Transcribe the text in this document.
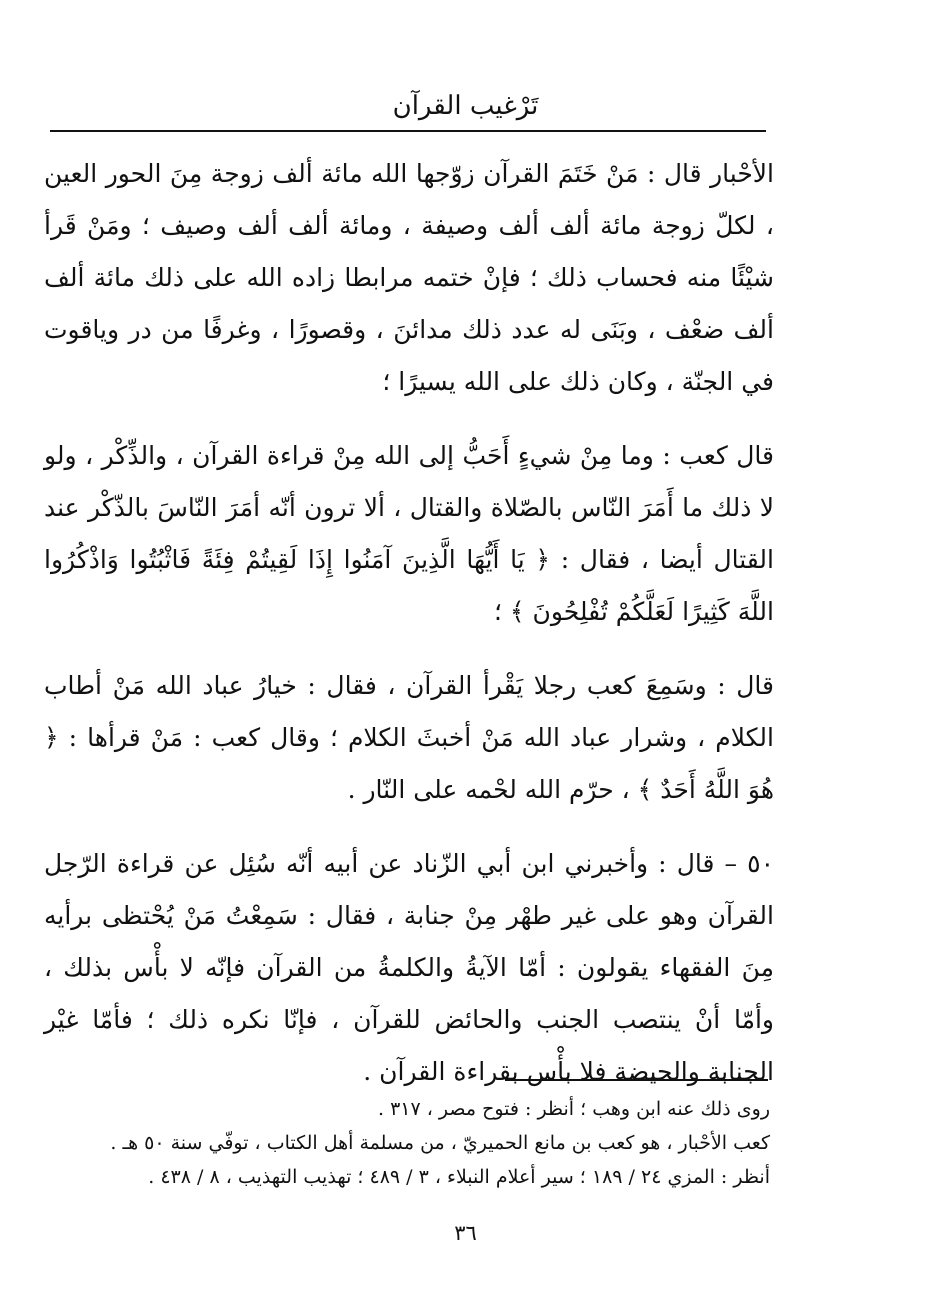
تَرْغيب القرآن

الأحْبار قال : مَنْ خَتَمَ القرآن زوّجها الله مائة ألف زوجة مِنَ الحور العين ، لكلّ زوجة مائة ألف ألف وصيفة ، ومائة ألف ألف وصيف ؛ ومَنْ قَرأ شيْئًا منه فحساب ذلك ؛ فإنْ ختمه مرابطا زاده الله على ذلك مائة ألف ألف ضعْف ، وبَنَى له عدد ذلك مدائنَ ، وقصورًا ، وغرفًا من در وياقوت في الجنّة ، وكان ذلك على الله يسيرًا ؛

قال كعب : وما مِنْ شيءٍ أَحَبُّ إلى الله مِنْ قراءة القرآن ، والذِّكْر ، ولو لا ذلك ما أَمَرَ النّاس بالصّلاة والقتال ، ألا ترون أنّه أمَرَ النّاسَ بالذّكْر عند القتال أيضا ، فقال : ﴿ يَا أَيُّهَا الَّذِينَ آمَنُوا إِذَا لَقِيتُمْ فِئَةً فَاثْبُتُوا وَاذْكُرُوا اللَّهَ كَثِيرًا لَعَلَّكُمْ تُفْلِحُونَ ﴾ ؛

قال : وسَمِعَ كعب رجلا يَقْرأ القرآن ، فقال : خيارُ عباد الله مَنْ أطاب الكلام ، وشرار عباد الله مَنْ أخبثَ الكلام ؛ وقال كعب : مَنْ قرأها : ﴿ هُوَ اللَّهُ أَحَدٌ ﴾ ، حرّم الله لحْمه على النّار .

٥٠ – قال : وأخبرني ابن أبي الزّناد عن أبيه أنّه سُئِل عن قراءة الرّجل القرآن وهو على غير طهْر مِنْ جنابة ، فقال : سَمِعْتُ مَنْ يُحْتظى برأيه مِنَ الفقهاء يقولون : أمّا الآيةُ والكلمةُ من القرآن فإنّه لا بأْس بذلك ، وأمّا أنْ ينتصب الجنب والحائض للقرآن ، فإنّا نكره ذلك ؛ فأمّا غيْر الجنابة والحيضة فلا بأْس بقراءة القرآن .

روى ذلك عنه ابن وهب ؛ أنظر : فتوح مصر ، ٣١٧ .

كعب الأحْبار ، هو كعب بن مانع الحميريّ ، من مسلمة أهل الكتاب ، توفّي سنة ٥٠ هـ .

أنظر : المزي ٢٤ / ١٨٩ ؛ سير أعلام النبلاء ، ٣ / ٤٨٩ ؛ تهذيب التهذيب ، ٨ / ٤٣٨ .

٣٦
